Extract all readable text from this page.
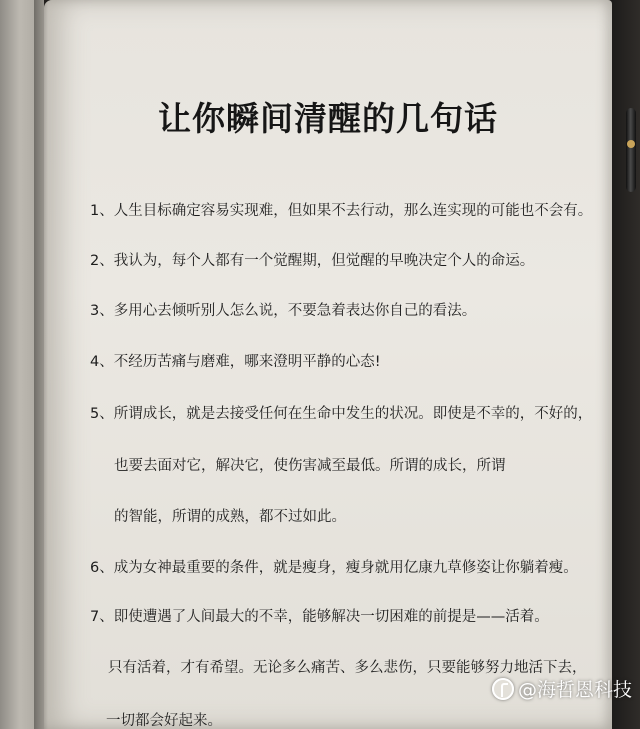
让你瞬间清醒的几句话

1、人生目标确定容易实现难，但如果不去行动，那么连实现的可能也不会有。

2、我认为，每个人都有一个觉醒期，但觉醒的早晚决定个人的命运。

3、多用心去倾听别人怎么说，不要急着表达你自己的看法。

4、不经历苦痛与磨难，哪来澄明平静的心态!

5、所谓成长，就是去接受任何在生命中发生的状况。即使是不幸的，不好的，

也要去面对它，解决它，使伤害减至最低。所谓的成长，所谓

的智能，所谓的成熟，都不过如此。

6、成为女神最重要的条件，就是瘦身，瘦身就用亿康九草修姿让你躺着瘦。

7、即使遭遇了人间最大的不幸，能够解决一切困难的前提是——活着。

只有活着，才有希望。无论多么痛苦、多么悲伤，只要能够努力地活下去，

一切都会好起来。

@海哲恩科技
